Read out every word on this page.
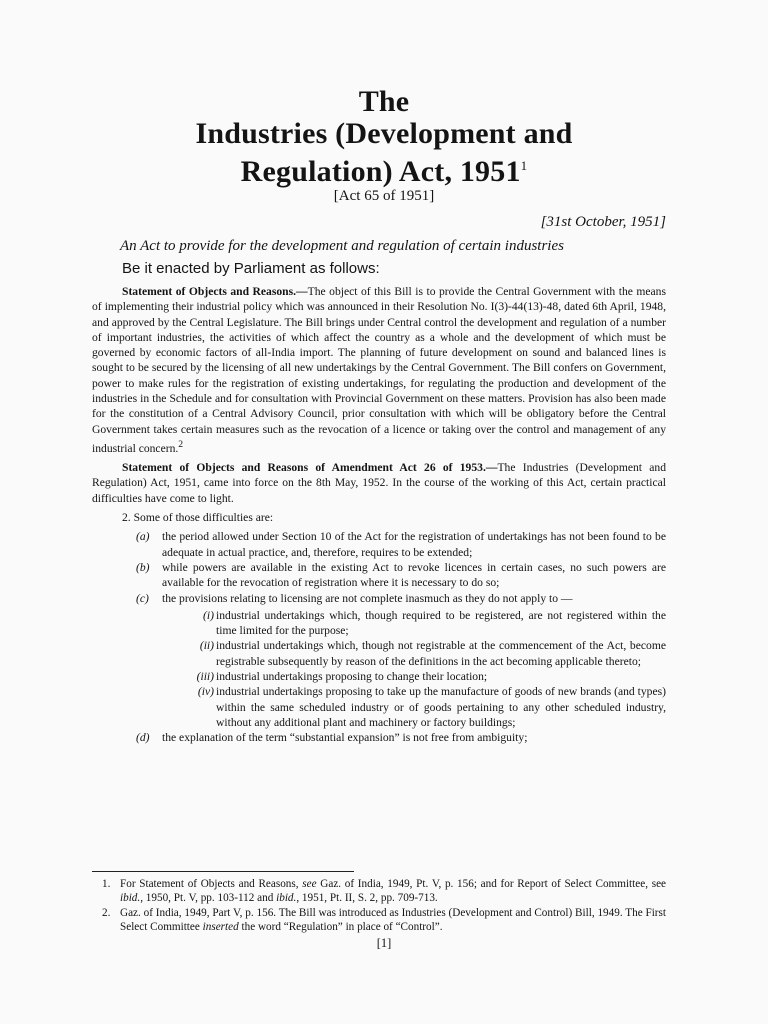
The
Industries (Development and
Regulation) Act, 1951$^1$
[Act 65 of 1951]
[31st October, 1951]
An Act to provide for the development and regulation of certain industries
Be it enacted by Parliament as follows:

Statement of Objects and Reasons.—The object of this Bill is to provide the Central Government with the means of implementing their industrial policy which was announced in their Resolution No. I(3)-44(13)-48, dated 6th April, 1948, and approved by the Central Legislature. The Bill brings under Central control the development and regulation of a number of important industries, the activities of which affect the country as a whole and the development of which must be governed by economic factors of all-India import. The planning of future development on sound and balanced lines is sought to be secured by the licensing of all new undertakings by the Central Government. The Bill confers on Government, power to make rules for the registration of existing undertakings, for regulating the production and development of the industries in the Schedule and for consultation with Provincial Government on these matters. Provision has also been made for the constitution of a Central Advisory Council, prior consultation with which will be obligatory before the Central Government takes certain measures such as the revocation of a licence or taking over the control and management of any industrial concern.$^2$

Statement of Objects and Reasons of Amendment Act 26 of 1953.—The Industries (Development and Regulation) Act, 1951, came into force on the 8th May, 1952. In the course of the working of this Act, certain practical difficulties have come to light.

2. Some of those difficulties are:

(a) the period allowed under Section 10 of the Act for the registration of undertakings has not been found to be adequate in actual practice, and, therefore, requires to be extended;
(b) while powers are available in the existing Act to revoke licences in certain cases, no such powers are available for the revocation of registration where it is necessary to do so;
(c) the provisions relating to licensing are not complete inasmuch as they do not apply to —
(i) industrial undertakings which, though required to be registered, are not registered within the time limited for the purpose;
(ii) industrial undertakings which, though not registrable at the commencement of the Act, become registrable subsequently by reason of the definitions in the act becoming applicable thereto;
(iii) industrial undertakings proposing to change their location;
(iv) industrial undertakings proposing to take up the manufacture of goods of new brands (and types) within the same scheduled industry or of goods pertaining to any other scheduled industry, without any additional plant and machinery or factory buildings;
(d) the explanation of the term “substantial expansion” is not free from ambiguity;

1. For Statement of Objects and Reasons, see Gaz. of India, 1949, Pt. V, p. 156; and for Report of Select Committee, see ibid., 1950, Pt. V, pp. 103-112 and ibid., 1951, Pt. II, S. 2, pp. 709-713.

2. Gaz. of India, 1949, Part V, p. 156. The Bill was introduced as Industries (Development and Control) Bill, 1949. The First Select Committee inserted the word “Regulation” in place of “Control”.

[1]
